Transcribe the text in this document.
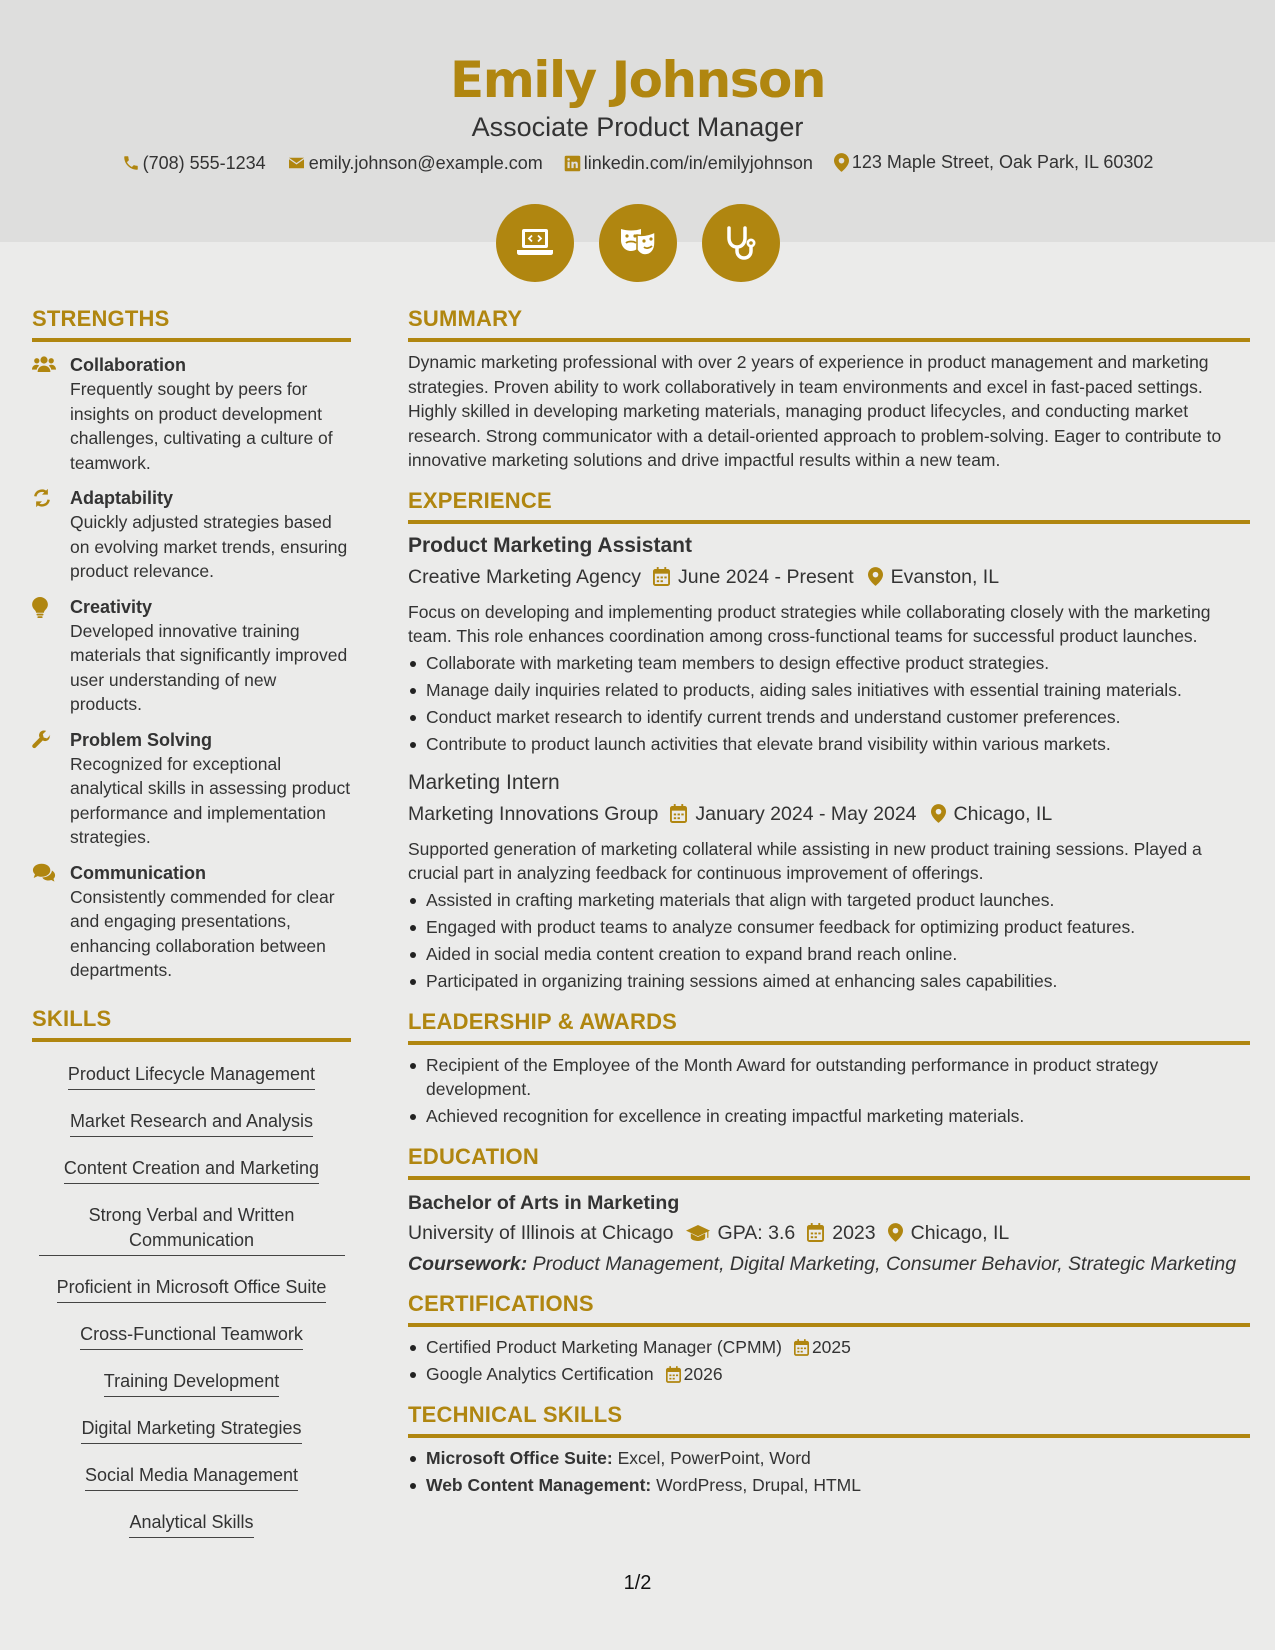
Emily Johnson
Associate Product Manager
(708) 555-1234
emily.johnson@example.com
linkedin.com/in/emilyjohnson
123 Maple Street, Oak Park, IL 60302
STRENGTHS
Collaboration
Frequently sought by peers for insights on product development challenges, cultivating a culture of teamwork.
Adaptability
Quickly adjusted strategies based on evolving market trends, ensuring product relevance.
Creativity
Developed innovative training materials that significantly improved user understanding of new products.
Problem Solving
Recognized for exceptional analytical skills in assessing product performance and implementation strategies.
Communication
Consistently commended for clear and engaging presentations, enhancing collaboration between departments.
SKILLS
Product Lifecycle Management
Market Research and Analysis
Content Creation and Marketing
Strong Verbal and Written Communication
Proficient in Microsoft Office Suite
Cross-Functional Teamwork
Training Development
Digital Marketing Strategies
Social Media Management
Analytical Skills
SUMMARY
Dynamic marketing professional with over 2 years of experience in product management and marketing strategies. Proven ability to work collaboratively in team environments and excel in fast-paced settings. Highly skilled in developing marketing materials, managing product lifecycles, and conducting market research. Strong communicator with a detail-oriented approach to problem-solving. Eager to contribute to innovative marketing solutions and drive impactful results within a new team.
EXPERIENCE
Product Marketing Assistant
Creative Marketing Agency June 2024 - Present Evanston, IL
Focus on developing and implementing product strategies while collaborating closely with the marketing team. This role enhances coordination among cross-functional teams for successful product launches.
Collaborate with marketing team members to design effective product strategies.
Manage daily inquiries related to products, aiding sales initiatives with essential training materials.
Conduct market research to identify current trends and understand customer preferences.
Contribute to product launch activities that elevate brand visibility within various markets.
Marketing Intern
Marketing Innovations Group January 2024 - May 2024 Chicago, IL
Supported generation of marketing collateral while assisting in new product training sessions. Played a crucial part in analyzing feedback for continuous improvement of offerings.
Assisted in crafting marketing materials that align with targeted product launches.
Engaged with product teams to analyze consumer feedback for optimizing product features.
Aided in social media content creation to expand brand reach online.
Participated in organizing training sessions aimed at enhancing sales capabilities.
LEADERSHIP & AWARDS
Recipient of the Employee of the Month Award for outstanding performance in product strategy development.
Achieved recognition for excellence in creating impactful marketing materials.
EDUCATION
Bachelor of Arts in Marketing
University of Illinois at Chicago GPA: 3.6 2023 Chicago, IL
Coursework: Product Management, Digital Marketing, Consumer Behavior, Strategic Marketing
CERTIFICATIONS
Certified Product Marketing Manager (CPMM) 2025
Google Analytics Certification 2026
TECHNICAL SKILLS
Microsoft Office Suite: Excel, PowerPoint, Word
Web Content Management: WordPress, Drupal, HTML
1/2
